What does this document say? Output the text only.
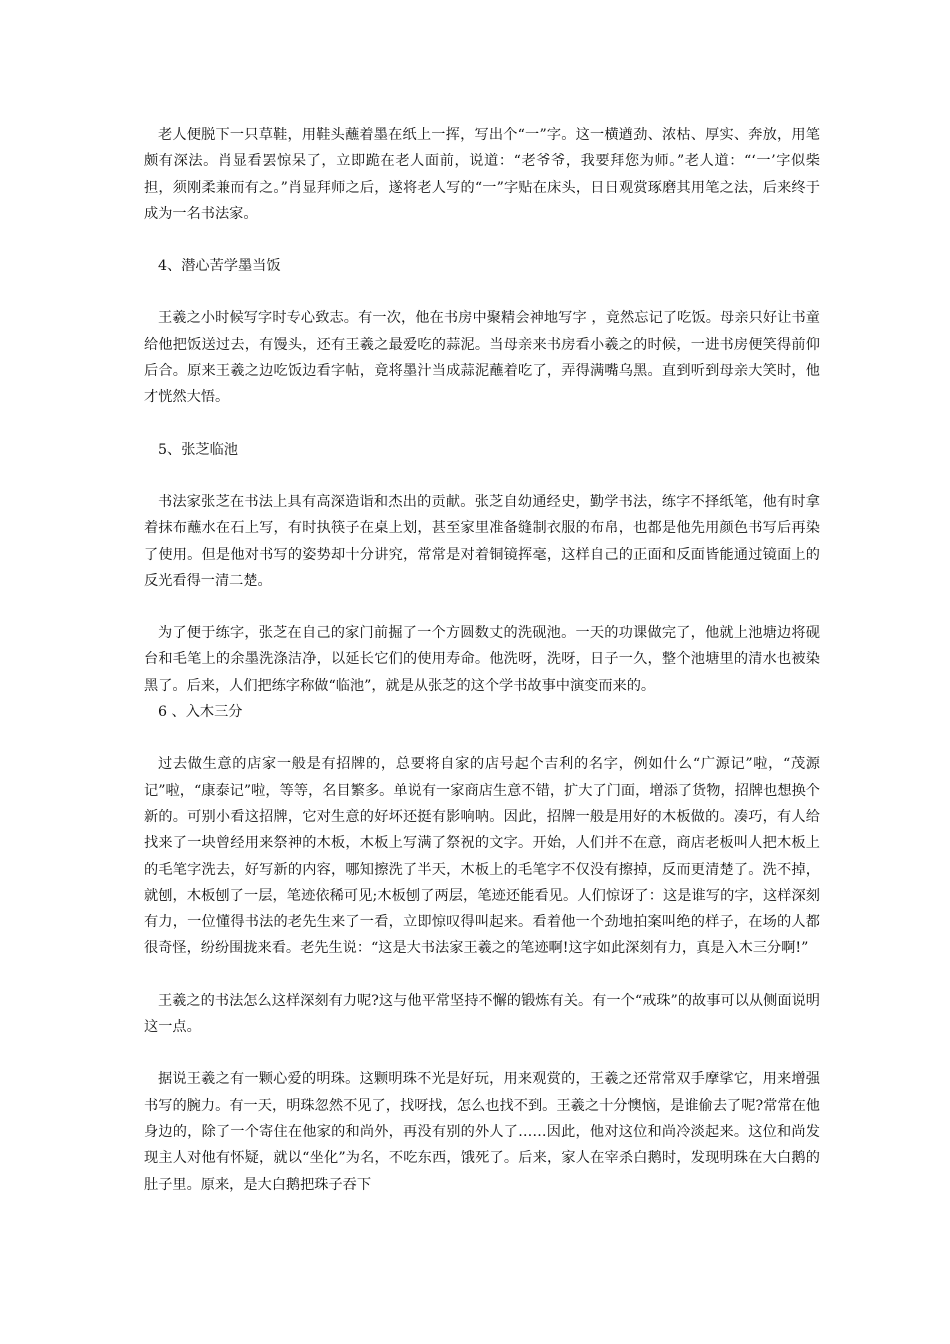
老人便脱下一只草鞋，用鞋头蘸着墨在纸上一挥，写出个“一”字。这一横遒劲、浓枯、厚实、奔放，用笔颇有深法。肖显看罢惊呆了，立即跪在老人面前，说道：“老爷爷，我要拜您为师。”老人道：“‘一’字似柴担，须刚柔兼而有之。”肖显拜师之后，遂将老人写的“一”字贴在床头，日日观赏琢磨其用笔之法，后来终于成为一名书法家。

4、潜心苦学墨当饭

王羲之小时候写字时专心致志。有一次，他在书房中聚精会神地写字 ，竟然忘记了吃饭。母亲只好让书童给他把饭送过去，有馒头，还有王羲之最爱吃的蒜泥。当母亲来书房看小羲之的时候，一进书房便笑得前仰后合。原来王羲之边吃饭边看字帖，竟将墨汁当成蒜泥蘸着吃了，弄得满嘴乌黑。直到听到母亲大笑时，他才恍然大悟。

5、张芝临池

书法家张芝在书法上具有高深造诣和杰出的贡献。张芝自幼通经史，勤学书法，练字不择纸笔，他有时拿着抹布蘸水在石上写，有时执筷子在桌上划，甚至家里准备缝制衣服的布帛，也都是他先用颜色书写后再染了使用。但是他对书写的姿势却十分讲究，常常是对着铜镜挥毫，这样自己的正面和反面皆能通过镜面上的反光看得一清二楚。

为了便于练字，张芝在自己的家门前掘了一个方圆数丈的洗砚池。一天的功课做完了，他就上池塘边将砚台和毛笔上的余墨洗涤洁净，以延长它们的使用寿命。他洗呀，洗呀，日子一久，整个池塘里的清水也被染黑了。后来，人们把练字称做“临池”，就是从张芝的这个学书故事中演变而来的。

6 、入木三分

过去做生意的店家一般是有招牌的，总要将自家的店号起个吉利的名字，例如什么“广源记”啦，“茂源记”啦，“康泰记”啦，等等，名目繁多。单说有一家商店生意不错，扩大了门面，增添了货物，招牌也想换个新的。可别小看这招牌，它对生意的好坏还挺有影响呐。因此，招牌一般是用好的木板做的。凑巧，有人给找来了一块曾经用来祭神的木板，木板上写满了祭祝的文字。开始，人们并不在意，商店老板叫人把木板上的毛笔字洗去，好写新的内容，哪知擦洗了半天，木板上的毛笔字不仅没有擦掉，反而更清楚了。洗不掉，就刨，木板刨了一层，笔迹依稀可见;木板刨了两层，笔迹还能看见。人们惊讶了：这是谁写的字，这样深刻有力，一位懂得书法的老先生来了一看，立即惊叹得叫起来。看着他一个劲地拍案叫绝的样子，在场的人都很奇怪，纷纷围拢来看。老先生说：“这是大书法家王羲之的笔迹啊!这字如此深刻有力，真是入木三分啊!”

王羲之的书法怎么这样深刻有力呢?这与他平常坚持不懈的锻炼有关。有一个“戒珠”的故事可以从侧面说明这一点。

据说王羲之有一颗心爱的明珠。这颗明珠不光是好玩，用来观赏的，王羲之还常常双手摩挲它，用来增强书写的腕力。有一天，明珠忽然不见了，找呀找，怎么也找不到。王羲之十分懊恼，是谁偷去了呢?常常在他身边的，除了一个寄住在他家的和尚外，再没有别的外人了……因此，他对这位和尚冷淡起来。这位和尚发现主人对他有怀疑，就以“坐化”为名，不吃东西，饿死了。后来，家人在宰杀白鹅时，发现明珠在大白鹅的肚子里。原来，是大白鹅把珠子吞下
